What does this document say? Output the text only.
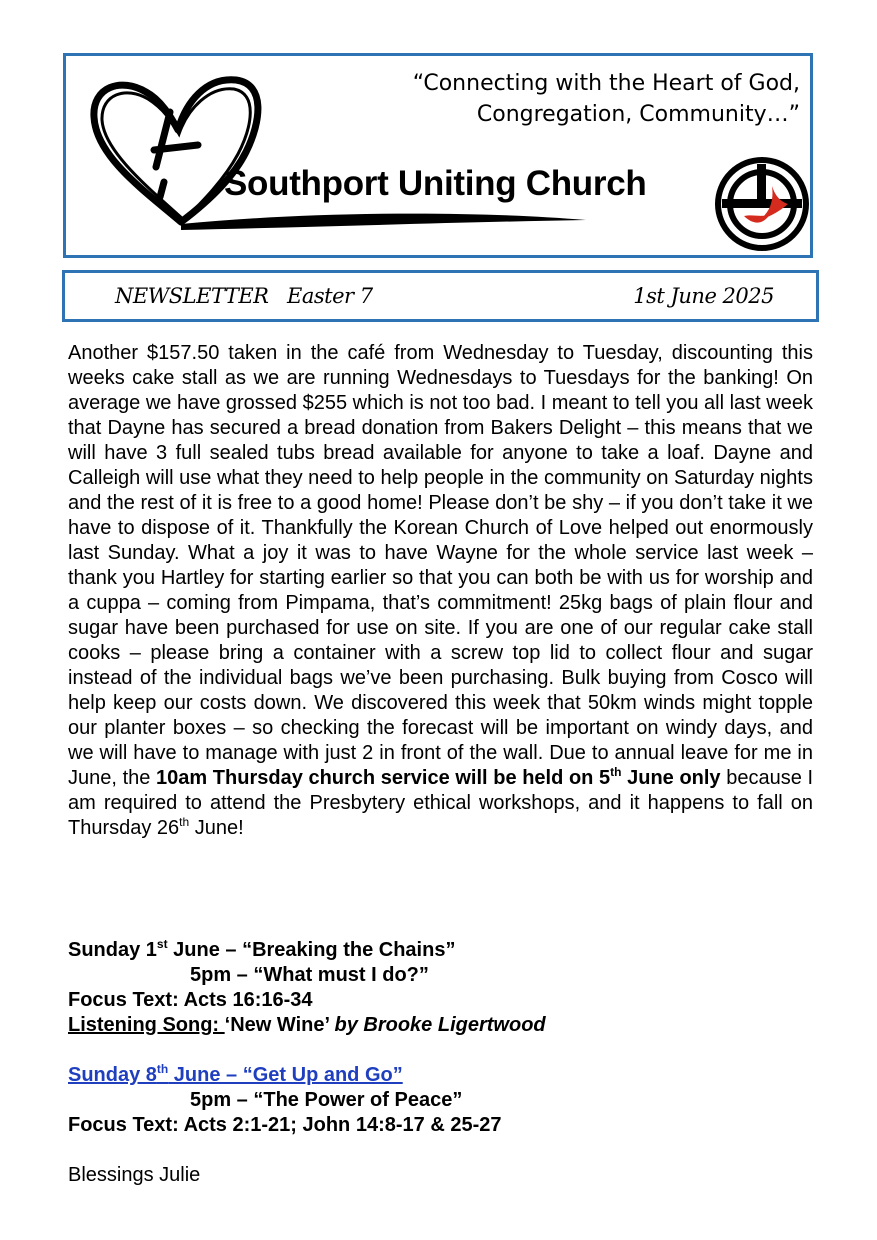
“Connecting with the Heart of God,
Congregation, Community…”
Southport Uniting Church
NEWSLETTER   Easter 7	1st June 2025
Another $157.50 taken in the café from Wednesday to Tuesday, discounting this weeks cake stall as we are running Wednesdays to Tuesdays for the banking! On average we have grossed $255 which is not too bad. I meant to tell you all last week that Dayne has secured a bread donation from Bakers Delight – this means that we will have 3 full sealed tubs bread available for anyone to take a loaf. Dayne and Calleigh will use what they need to help people in the community on Saturday nights and the rest of it is free to a good home! Please don’t be shy – if you don’t take it we have to dispose of it. Thankfully the Korean Church of Love helped out enormously last Sunday. What a joy it was to have Wayne for the whole service last week – thank you Hartley for starting earlier so that you can both be with us for worship and a cuppa – coming from Pimpama, that’s commitment! 25kg bags of plain flour and sugar have been purchased for use on site. If you are one of our regular cake stall cooks – please bring a container with a screw top lid to collect flour and sugar instead of the individual bags we’ve been purchasing. Bulk buying from Cosco will help keep our costs down. We discovered this week that 50km winds might topple our planter boxes – so checking the forecast will be important on windy days, and we will have to manage with just 2 in front of the wall. Due to annual leave for me in June, the 10am Thursday church service will be held on 5th June only because I am required to attend the Presbytery ethical workshops, and it happens to fall on Thursday 26th June!
Sunday 1st June – “Breaking the Chains”
5pm – “What must I do?”
Focus Text: Acts 16:16-34
Listening Song: ‘New Wine’ by Brooke Ligertwood
Sunday 8th June – “Get Up and Go”
5pm – “The Power of Peace”
Focus Text: Acts 2:1-21; John 14:8-17 & 25-27
Blessings Julie
